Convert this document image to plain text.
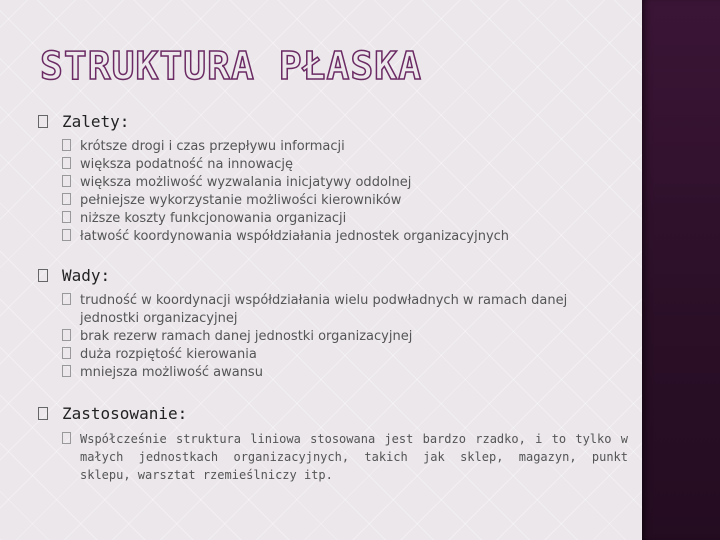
STRUKTURA PŁASKA
Zalety:
krótsze drogi i czas przepływu informacji
większa podatność na innowację
większa możliwość wyzwalania inicjatywy oddolnej
pełniejsze wykorzystanie możliwości kierowników
niższe koszty funkcjonowania organizacji
łatwość koordynowania współdziałania jednostek organizacyjnych
Wady:
trudność w koordynacji współdziałania wielu podwładnych w ramach danej jednostki organizacyjnej
brak rezerw ramach danej jednostki organizacyjnej
duża rozpiętość kierowania
mniejsza możliwość awansu
Zastosowanie:
Współcześnie struktura liniowa stosowana jest bardzo rzadko, i to tylko w małych jednostkach organizacyjnych, takich jak sklep, magazyn, punkt sklepu, warsztat rzemieślniczy itp.
